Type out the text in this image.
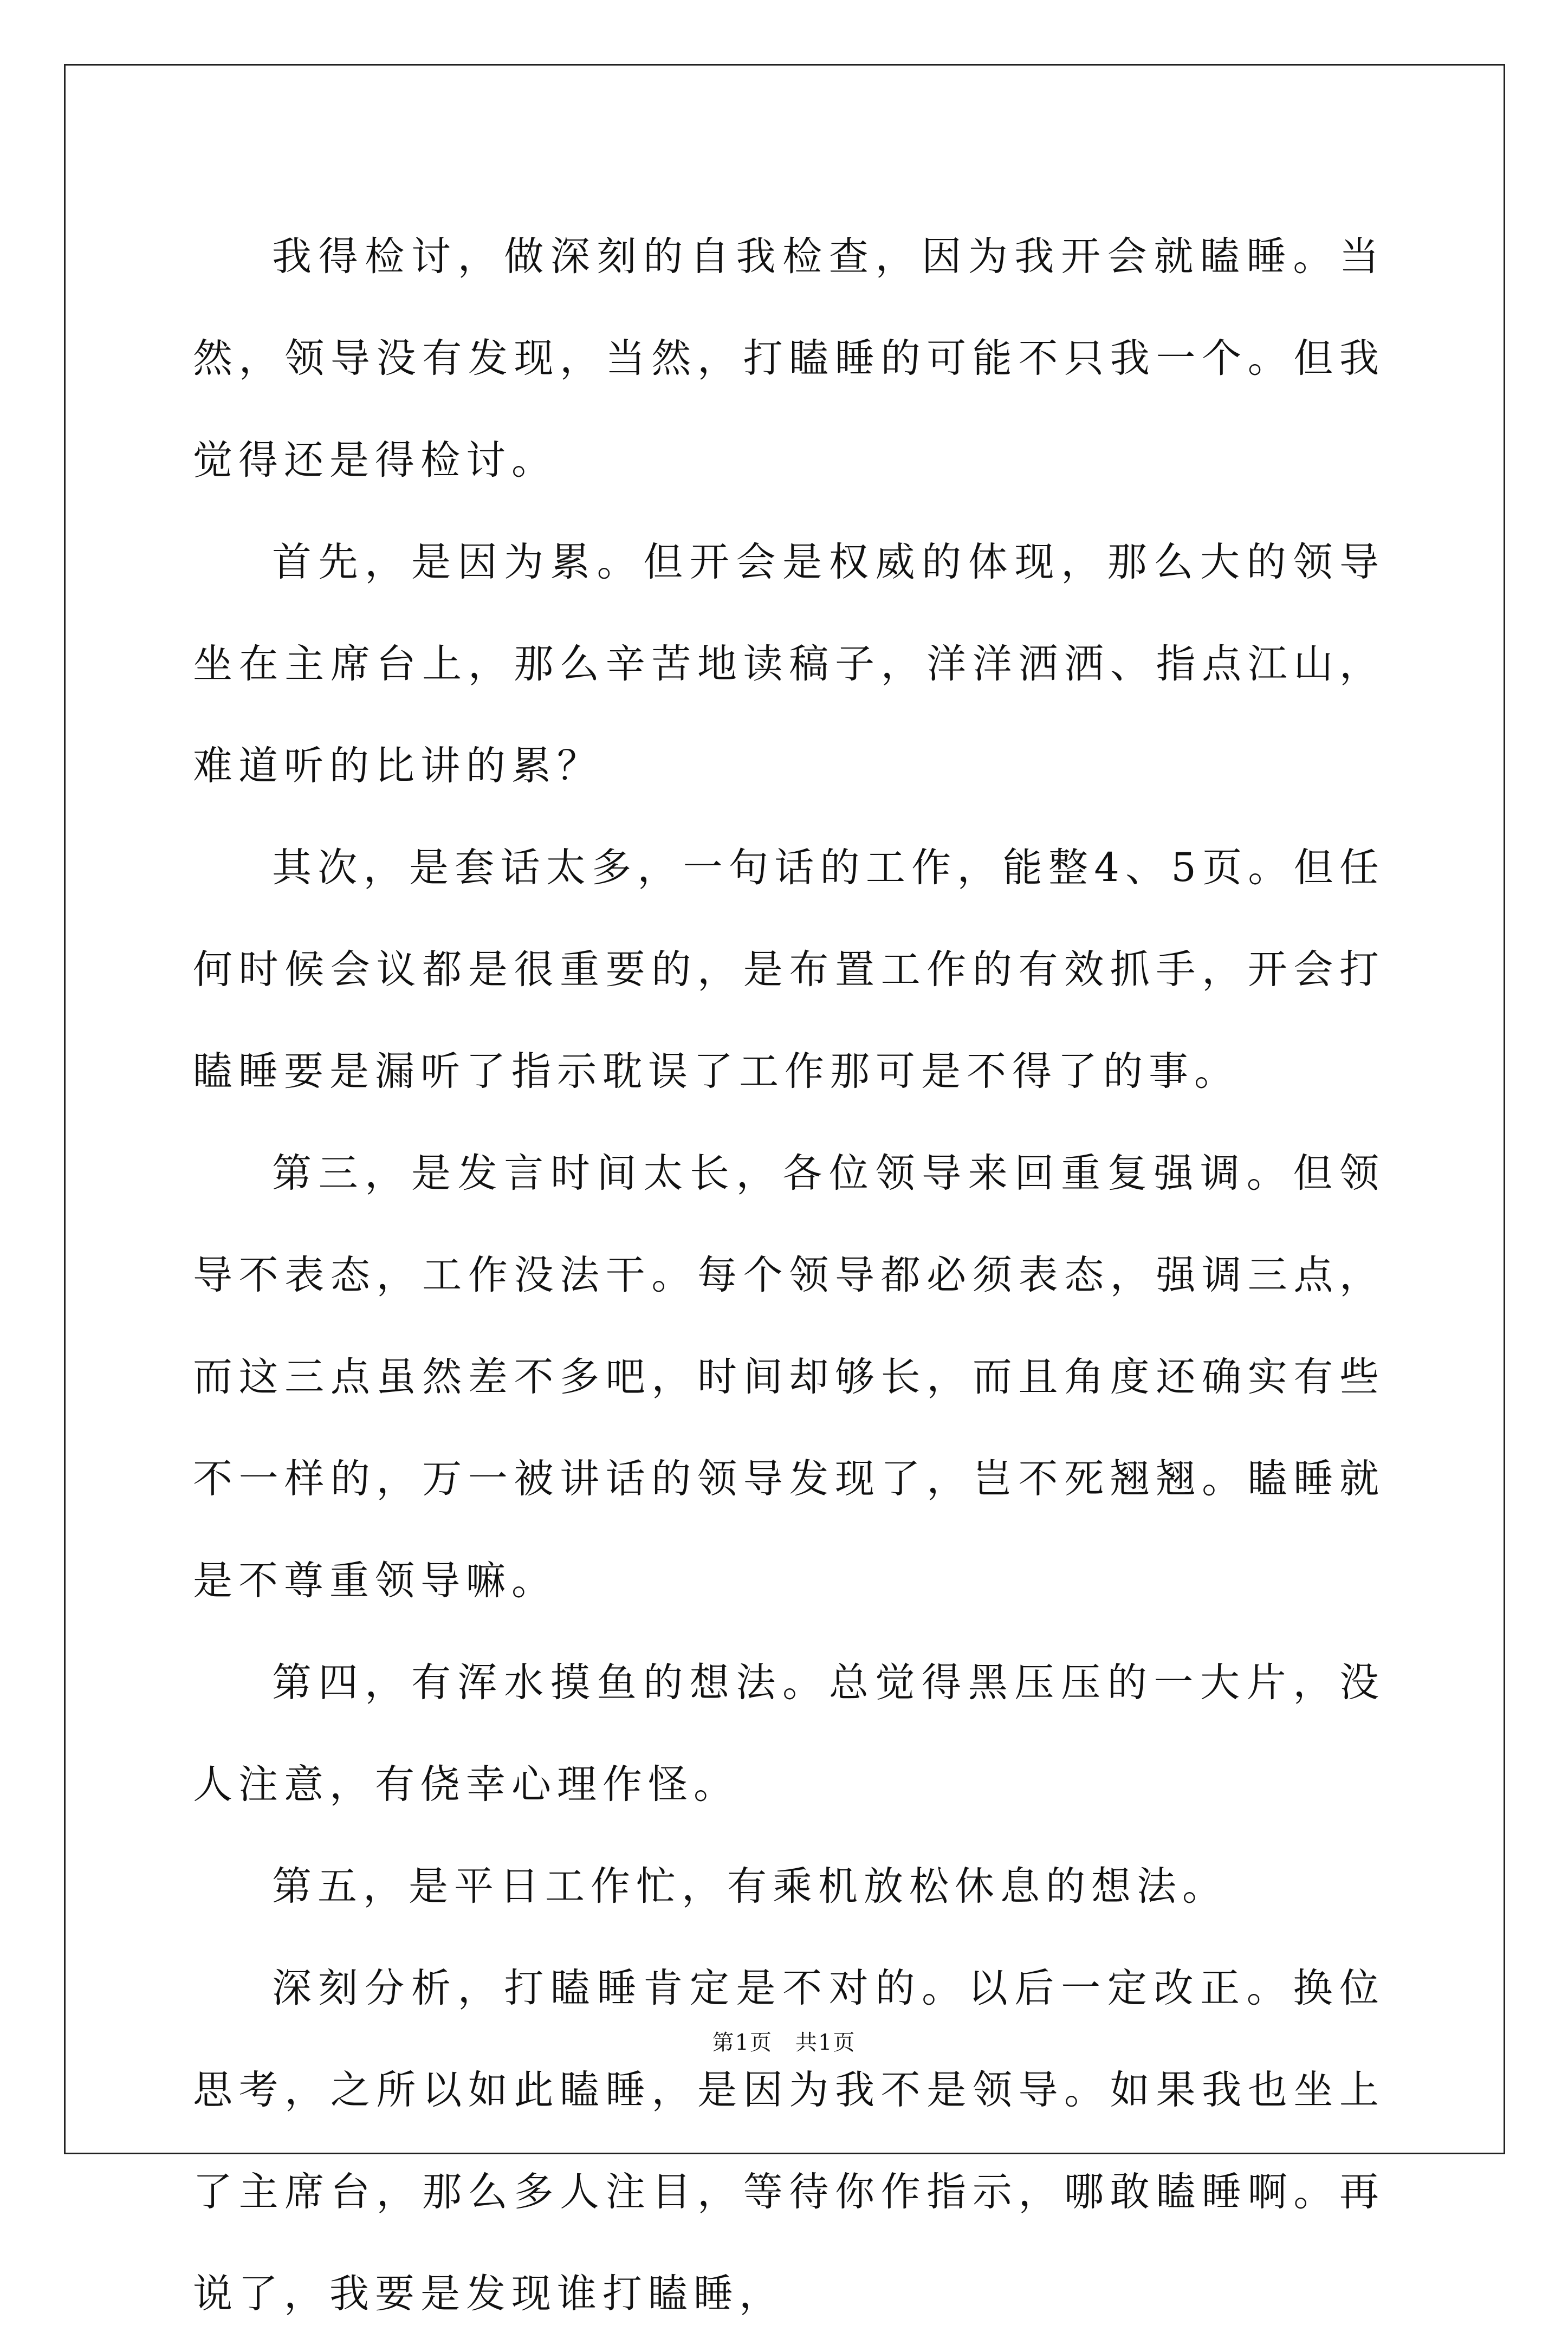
我得检讨，做深刻的自我检查，因为我开会就瞌睡。当然，领导没有发现，当然，打瞌睡的可能不只我一个。但我觉得还是得检讨。

首先，是因为累。但开会是权威的体现，那么大的领导坐在主席台上，那么辛苦地读稿子，洋洋洒洒、指点江山，难道听的比讲的累？

其次，是套话太多，一句话的工作，能整4、5页。但任何时候会议都是很重要的，是布置工作的有效抓手，开会打瞌睡要是漏听了指示耽误了工作那可是不得了的事。

第三，是发言时间太长，各位领导来回重复强调。但领导不表态，工作没法干。每个领导都必须表态，强调三点，而这三点虽然差不多吧，时间却够长，而且角度还确实有些不一样的，万一被讲话的领导发现了，岂不死翘翘。瞌睡就是不尊重领导嘛。

第四，有浑水摸鱼的想法。总觉得黑压压的一大片，没人注意，有侥幸心理作怪。

第五，是平日工作忙，有乘机放松休息的想法。

深刻分析，打瞌睡肯定是不对的。以后一定改正。换位思考，之所以如此瞌睡，是因为我不是领导。如果我也坐上了主席台，那么多人注目，等待你作指示，哪敢瞌睡啊。再说了，我要是发现谁打瞌睡，

第1页　共1页
